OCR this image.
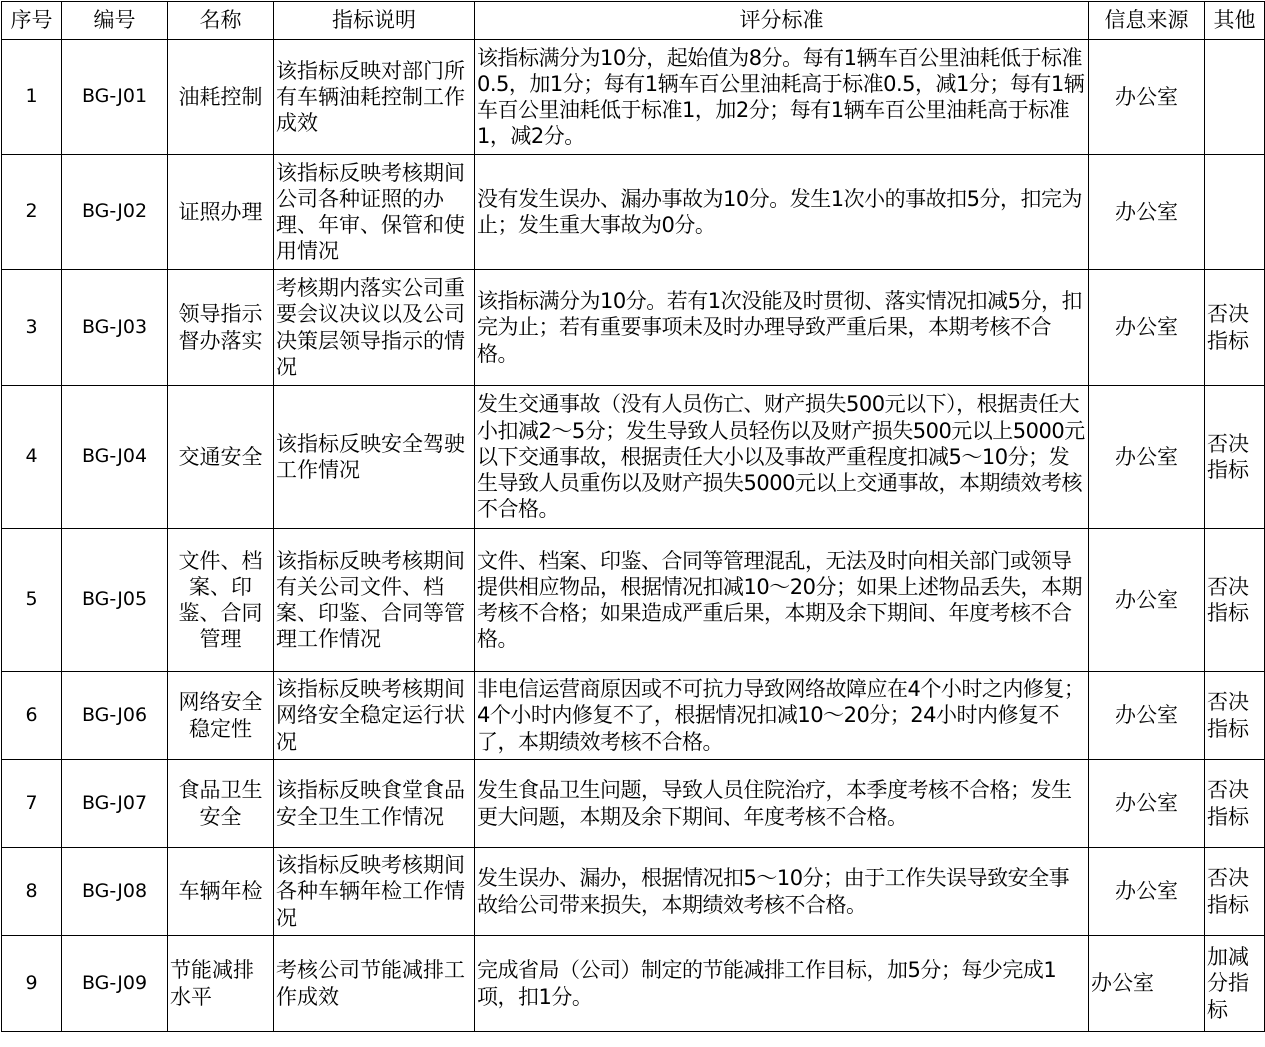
序号	编号	名称	指标说明	评分标准	信息来源	其他
1	BG-J01	油耗控制	该指标反映对部门所有车辆油耗控制工作成效	该指标满分为10分，起始值为8分。每有1辆车百公里油耗低于标准0.5，加1分；每有1辆车百公里油耗高于标准0.5，减1分；每有1辆车百公里油耗低于标准1，加2分；每有1辆车百公里油耗高于标准1，减2分。	办公室	
2	BG-J02	证照办理	该指标反映考核期间公司各种证照的办理、年审、保管和使用情况	没有发生误办、漏办事故为10分。发生1次小的事故扣5分，扣完为止；发生重大事故为0分。	办公室	
3	BG-J03	领导指示督办落实	考核期内落实公司重要会议决议以及公司决策层领导指示的情况	该指标满分为10分。若有1次没能及时贯彻、落实情况扣减5分，扣完为止；若有重要事项未及时办理导致严重后果，本期考核不合格。	办公室	否决指标
4	BG-J04	交通安全	该指标反映安全驾驶工作情况	发生交通事故（没有人员伤亡、财产损失500元以下），根据责任大小扣减2～5分；发生导致人员轻伤以及财产损失500元以上5000元以下交通事故，根据责任大小以及事故严重程度扣减5～10分；发生导致人员重伤以及财产损失5000元以上交通事故，本期绩效考核不合格。	办公室	否决指标
5	BG-J05	文件、档案、印鉴、合同管理	该指标反映考核期间有关公司文件、档案、印鉴、合同等管理工作情况	文件、档案、印鉴、合同等管理混乱，无法及时向相关部门或领导提供相应物品，根据情况扣减10～20分；如果上述物品丢失，本期考核不合格；如果造成严重后果，本期及余下期间、年度考核不合格。	办公室	否决指标
6	BG-J06	网络安全稳定性	该指标反映考核期间网络安全稳定运行状况	非电信运营商原因或不可抗力导致网络故障应在4个小时之内修复；4个小时内修复不了，根据情况扣减10～20分；24小时内修复不了，本期绩效考核不合格。	办公室	否决指标
7	BG-J07	食品卫生安全	该指标反映食堂食品安全卫生工作情况	发生食品卫生问题，导致人员住院治疗，本季度考核不合格；发生更大问题，本期及余下期间、年度考核不合格。	办公室	否决指标
8	BG-J08	车辆年检	该指标反映考核期间各种车辆年检工作情况	发生误办、漏办，根据情况扣5～10分；由于工作失误导致安全事故给公司带来损失，本期绩效考核不合格。	办公室	否决指标
9	BG-J09	节能减排水平	考核公司节能减排工作成效	完成省局（公司）制定的节能减排工作目标，加5分；每少完成1项，扣1分。	办公室	加减分指标
